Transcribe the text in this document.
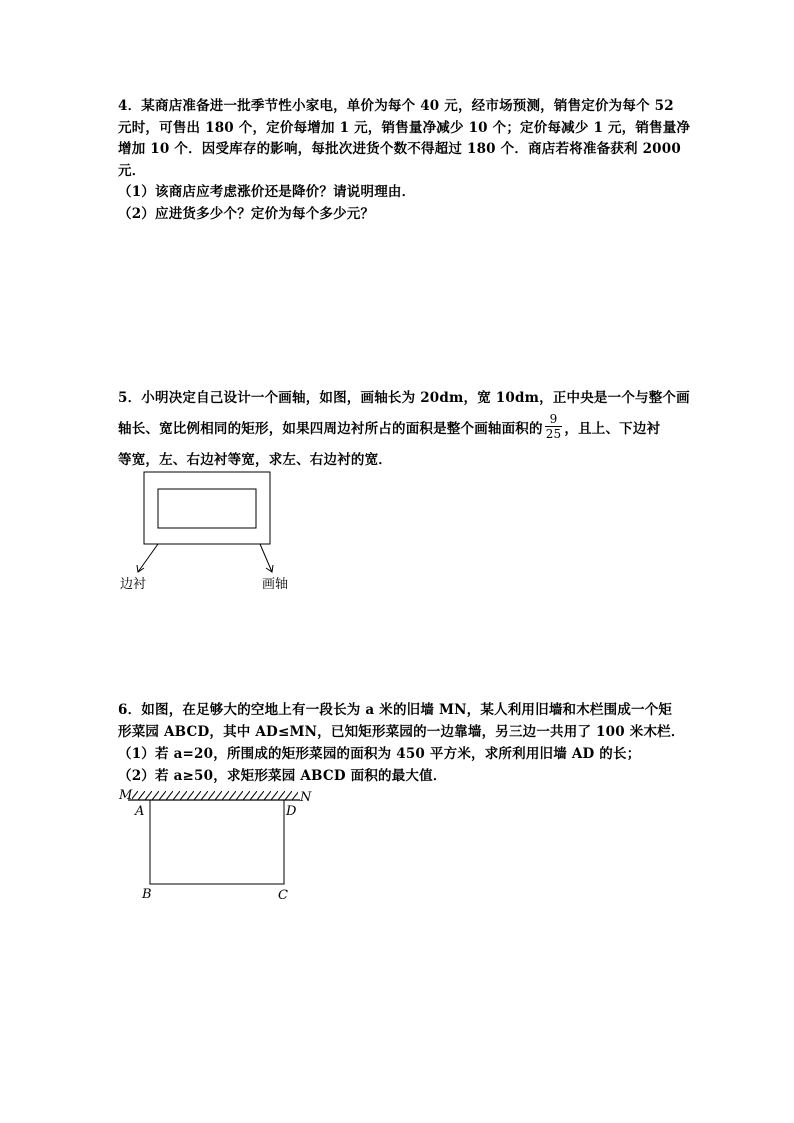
4．某商店准备进一批季节性小家电，单价为每个 40 元，经市场预测，销售定价为每个 52
元时，可售出 180 个，定价每增加 1 元，销售量净减少 10 个；定价每减少 1 元，销售量净
增加 10 个．因受库存的影响，每批次进货个数不得超过 180 个．商店若将准备获利 2000
元．
（1）该商店应考虑涨价还是降价？请说明理由．
（2）应进货多少个？定价为每个多少元？
5．小明决定自己设计一个画轴，如图，画轴长为 20dm，宽 10dm，正中央是一个与整个画
轴长、宽比例相同的矩形，如果四周边衬所占的面积是整个画轴面积的 $\frac{9}{25}$ ，且上、下边衬
等宽，左、右边衬等宽，求左、右边衬的宽．
边衬	画轴
6．如图，在足够大的空地上有一段长为 a 米的旧墙 MN，某人利用旧墙和木栏围成一个矩
形菜园 ABCD，其中 AD≤MN，已知矩形菜园的一边靠墙，另三边一共用了 100 米木栏．
（1）若 a=20，所围成的矩形菜园的面积为 450 平方米，求所利用旧墙 AD 的长；
（2）若 a≥50，求矩形菜园 ABCD 面积的最大值．
M	N
A	D
B	C
